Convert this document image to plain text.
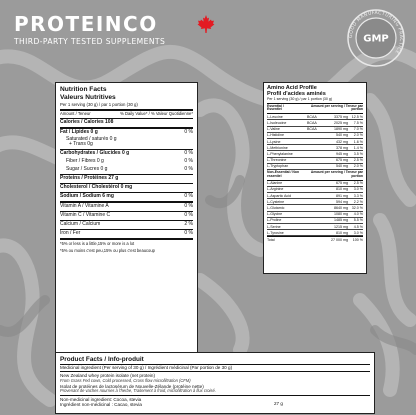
PROTEINCO
THIRD-PARTY TESTED SUPPLEMENTS
GOOD MANUFACTURING PRACTICE
GMP
Nutrition Facts
Valeurs Nutritives
Per 1 serving (30 g) / par 1 portion (30 g)
Amount / Teneur	% Daily Value* / % Valeur Quotidienne*
Calories / Calories 108
Fat / Lipides 0 g	0 %
Saturated / saturés 0 g
+ Trans 0g
Carbohydrates / Glucides 0 g	0 %
Fiber / Fibres 0 g	0 %
Sugar / Sucres 0 g	0 %
Proteins / Protéines 27 g
Cholesterol / Cholestérol 0 mg
Sodium / Sodium 6 mg	0 %
Vitamin A / Vitamine A	0 %
Vitamin C / Vitamine C	0 %
Calcium / Calcium	2 %
Iron / Fer	0 %
*5% or less is a little,15% or more is a lot
*5% ou moins c'est peu,15% ou plus c'est beaucoup
Amino Acid Profile
Profil d'acides aminés
Per 1 serving (30 g) / par 1 portion (30 g)
Essential / Essentiel
Amount per serving / Teneur par portion
L-Leucine	BCAA	3375 mg	12.5 %
L-Isoleucine	BCAA	2025 mg	7.5 %
L-Valine	BCAA	1890 mg	7.0 %
L-Histidine	540 mg	2.0 %
L-Lysine	432 mg	1.6 %
L-Methionine	378 mg	1.4 %
L-Phenylalanine	945 mg	3.5 %
L-Threonine	675 mg	2.5 %
L-Tryptophan	540 mg	2.0 %
Non-Essential / Non essentiel
Amount per serving / Teneur par portion
L-Alanine	675 mg	2.5 %
L-Arginine	810 mg	3.0 %
L-Aspartic Acid	891 mg	3.3 %
L-Cysteine	594 mg	2.2 %
L-Glutamic	8640 mg	32.0 %
L-Glycine	1080 mg	4.0 %
L-Proline	1485 mg	5.5 %
L-Serine	1215 mg	4.5 %
L-Tyrosine	810 mg	3.0 %
Total	27 000 mg	100 %
Product Facts / Info-produit
Medicinal ingredient (Per serving of 30 g) / Ingrédient médicinal (Par portion de 30 g)
New Zealand whey protein isolate (net protein)
From Grass Fed cows, Cold processed, Cross flow microfiltration (CFM)
Isolat de protéines de lactosérum de Nouvelle-Zélande (protéine nette)
Provenant de vaches nourries à l'herbe, Traitement à froid, microfiltration à flux croisé.
27 g
Non-medicinal ingredient: Cocoa, stevia
Ingrédient non-médicinal : Cacao, stevia
